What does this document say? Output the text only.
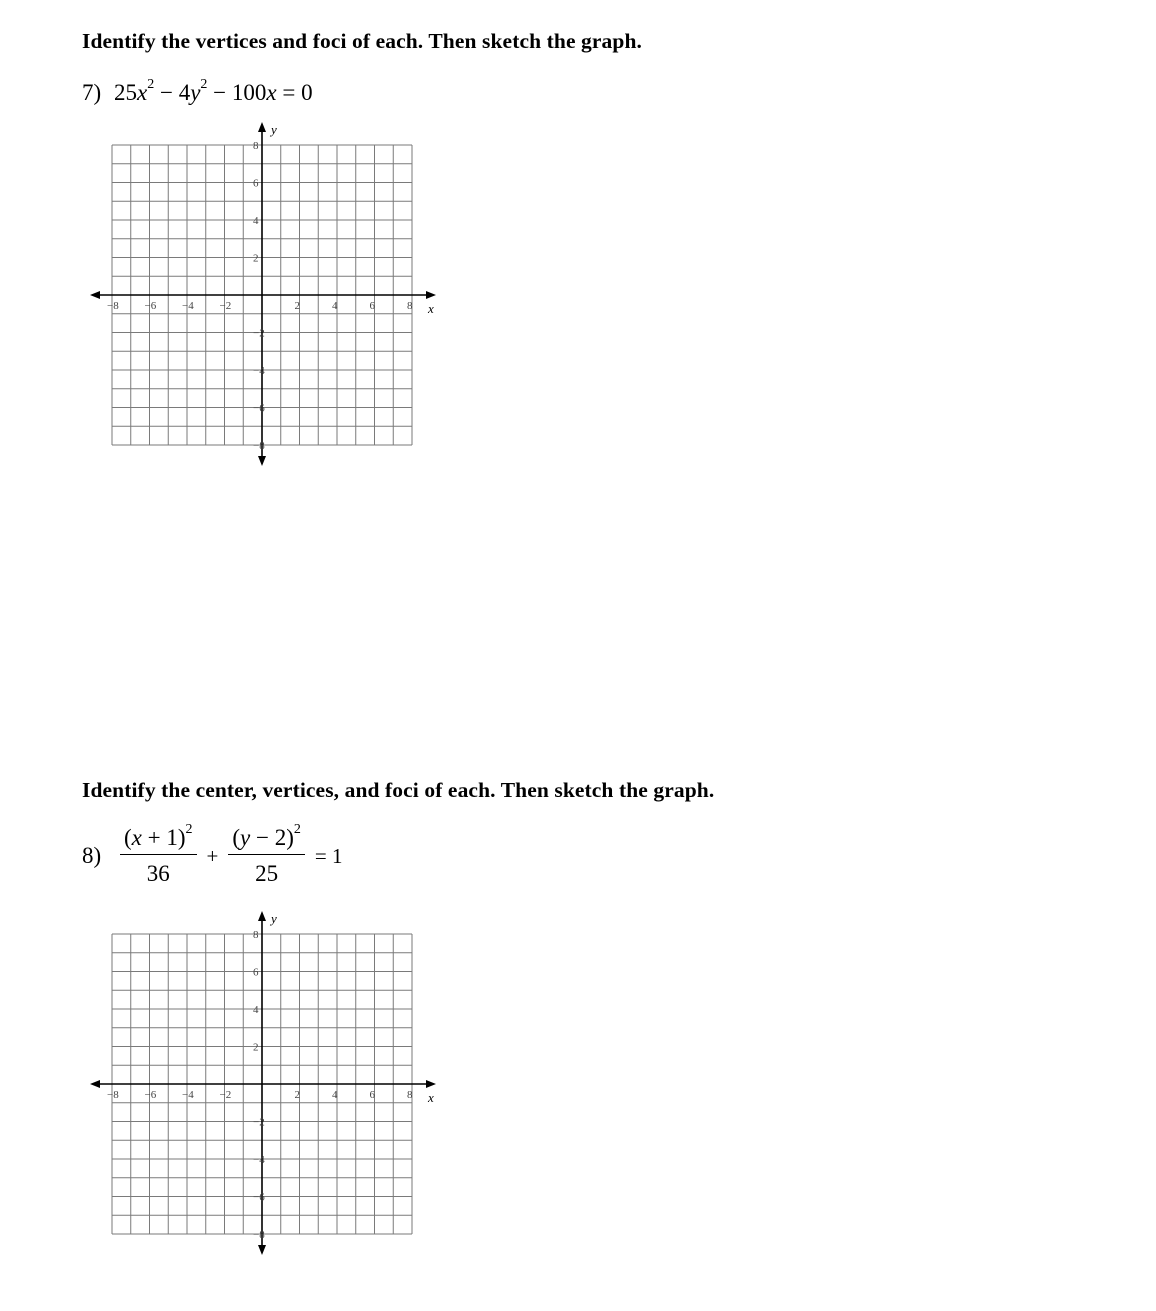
Identify the vertices and foci of each. Then sketch the graph.
7) $25x^2 - 4y^2 - 100x = 0$
x
y
−8 −6 −4 −2	2	4	6	8
8
6
4
2
−2
−4
−6
−8
Identify the center, vertices, and foci of each. Then sketch the graph.
$8) \frac{(x + 1)^2}{36} + \frac{(y - 2)^2}{25} = 1$
x
y
−8 −6 −4 −2	2	4	6	8
8
6
4
2
−2
−4
−6
−8
